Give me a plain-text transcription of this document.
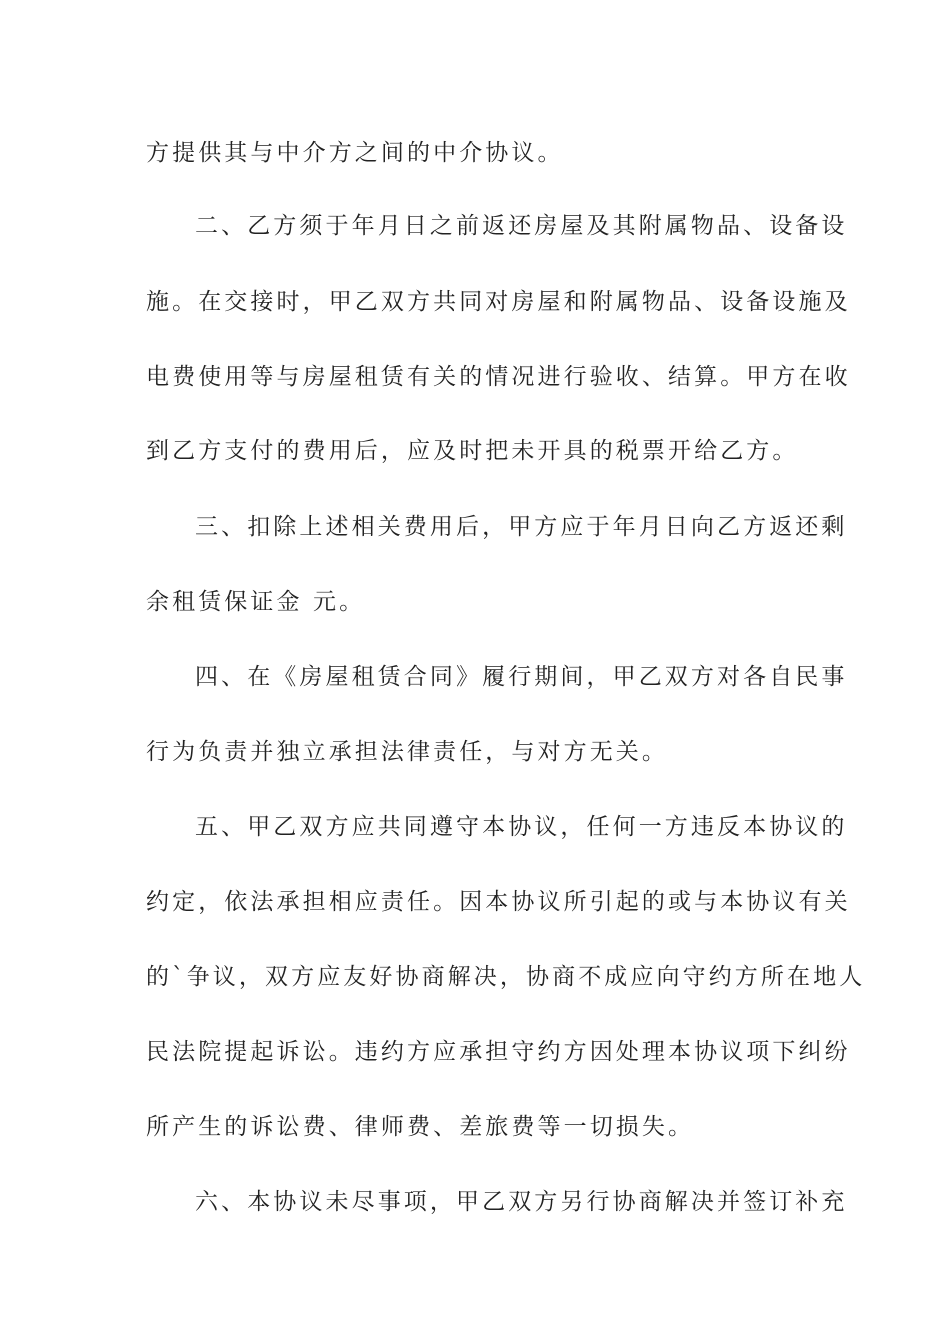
方提供其与中介方之间的中介协议。
二、乙方须于年月日之前返还房屋及其附属物品、设备设
施。在交接时，甲乙双方共同对房屋和附属物品、设备设施及
电费使用等与房屋租赁有关的情况进行验收、结算。甲方在收
到乙方支付的费用后，应及时把未开具的税票开给乙方。
三、扣除上述相关费用后，甲方应于年月日向乙方返还剩
余租赁保证金 元。
四、在《房屋租赁合同》履行期间，甲乙双方对各自民事
行为负责并独立承担法律责任，与对方无关。
五、甲乙双方应共同遵守本协议，任何一方违反本协议的
约定，依法承担相应责任。因本协议所引起的或与本协议有关
的`争议，双方应友好协商解决，协商不成应向守约方所在地人
民法院提起诉讼。违约方应承担守约方因处理本协议项下纠纷
所产生的诉讼费、律师费、差旅费等一切损失。
六、本协议未尽事项，甲乙双方另行协商解决并签订补充
